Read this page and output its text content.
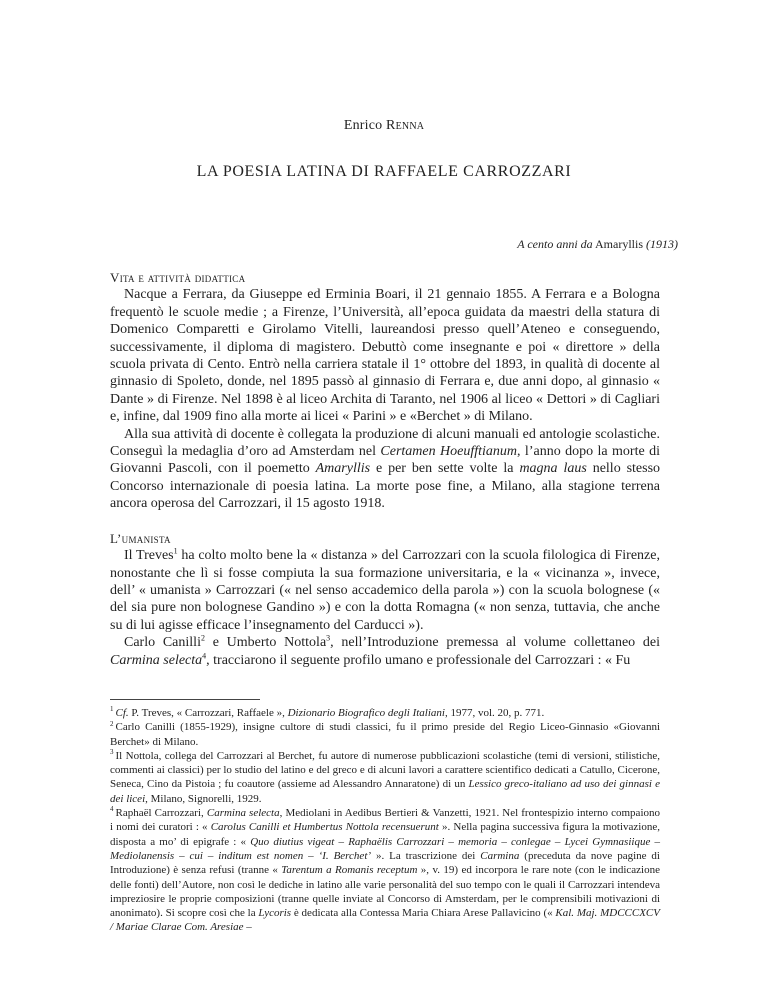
Enrico Renna
LA POESIA LATINA DI RAFFAELE CARROZZARI
A cento anni da Amaryllis (1913)
Vita e attività didattica

Nacque a Ferrara, da Giuseppe ed Erminia Boari, il 21 gennaio 1855. A Ferrara e a Bologna frequentò le scuole medie ; a Firenze, l’Università, all’epoca guidata da maestri della statura di Domenico Comparetti e Girolamo Vitelli, laureandosi presso quell’Ateneo e conseguendo, successivamente, il diploma di magistero. Debuttò come insegnante e poi « direttore » della scuola privata di Cento. Entrò nella carriera statale il 1° ottobre del 1893, in qualità di docente al ginnasio di Spoleto, donde, nel 1895 passò al ginnasio di Ferrara e, due anni dopo, al ginnasio « Dante » di Firenze. Nel 1898 è al liceo Archita di Taranto, nel 1906 al liceo « Dettori » di Cagliari e, infine, dal 1909 fino alla morte ai licei « Parini » e «Berchet » di Milano.

Alla sua attività di docente è collegata la produzione di alcuni manuali ed antologie scolastiche. Conseguì la medaglia d’oro ad Amsterdam nel Certamen Hoeufftianum, l’anno dopo la morte di Giovanni Pascoli, con il poemetto Amaryllis e per ben sette volte la magna laus nello stesso Concorso internazionale di poesia latina. La morte pose fine, a Milano, alla stagione terrena ancora operosa del Carrozzari, il 15 agosto 1918.

L’umanista

Il Treves$^1$ ha colto molto bene la « distanza » del Carrozzari con la scuola filologica di Firenze, nonostante che lì si fosse compiuta la sua formazione universitaria, e la « vicinanza », invece, dell’ « umanista » Carrozzari (« nel senso accademico della parola ») con la scuola bolognese (« del sia pure non bolognese Gandino ») e con la dotta Romagna (« non senza, tuttavia, che anche su di lui agisse efficace l’insegnamento del Carducci »).

Carlo Canilli$^2$ e Umberto Nottola$^3$, nell’Introduzione premessa al volume collettaneo dei Carmina selecta$^4$, tracciarono il seguente profilo umano e professionale del Carrozzari : « Fu

$^1$ Cf. P. Treves, « Carrozzari, Raffaele », Dizionario Biografico degli Italiani, 1977, vol. 20, p. 771.

$^2$ Carlo Canilli (1855-1929), insigne cultore di studi classici, fu il primo preside del Regio Liceo-Ginnasio «Giovanni Berchet» di Milano.

$^3$ Il Nottola, collega del Carrozzari al Berchet, fu autore di numerose pubblicazioni scolastiche (temi di versioni, stilistiche, commenti ai classici) per lo studio del latino e del greco e di alcuni lavori a carattere scientifico dedicati a Catullo, Cicerone, Seneca, Cino da Pistoia ; fu coautore (assieme ad Alessandro Annaratone) di un Lessico greco-italiano ad uso dei ginnasi e dei licei, Milano, Signorelli, 1929.

$^4$ Raphaël Carrozzari, Carmina selecta, Mediolani in Aedibus Bertieri & Vanzetti, 1921. Nel frontespizio interno compaiono i nomi dei curatori : « Carolus Canilli et Humbertus Nottola recensuerunt ». Nella pagina successiva figura la motivazione, disposta a mo’ di epigrafe : « Quo diutius vigeat – Raphaëlis Carrozzari – memoria – conlegae – Lycei Gymnasiique – Mediolanensis – cui – inditum est nomen – ‘I. Berchet’ ». La trascrizione dei Carmina (preceduta da nove pagine di Introduzione) è senza refusi (tranne « Tarentum a Romanis receptum », v. 19) ed incorpora le rare note (con le indicazione delle fonti) dell’Autore, non così le dediche in latino alle varie personalità del suo tempo con le quali il Carrozzari intendeva impreziosire le proprie composizioni (tranne quelle inviate al Concorso di Amsterdam, per le comprensibili motivazioni di anonimato). Si scopre così che la Lycoris è dedicata alla Contessa Maria Chiara Arese Pallavicino (« Kal. Maj. MDCCCXCV / Mariae Clarae Com. Aresiae –
